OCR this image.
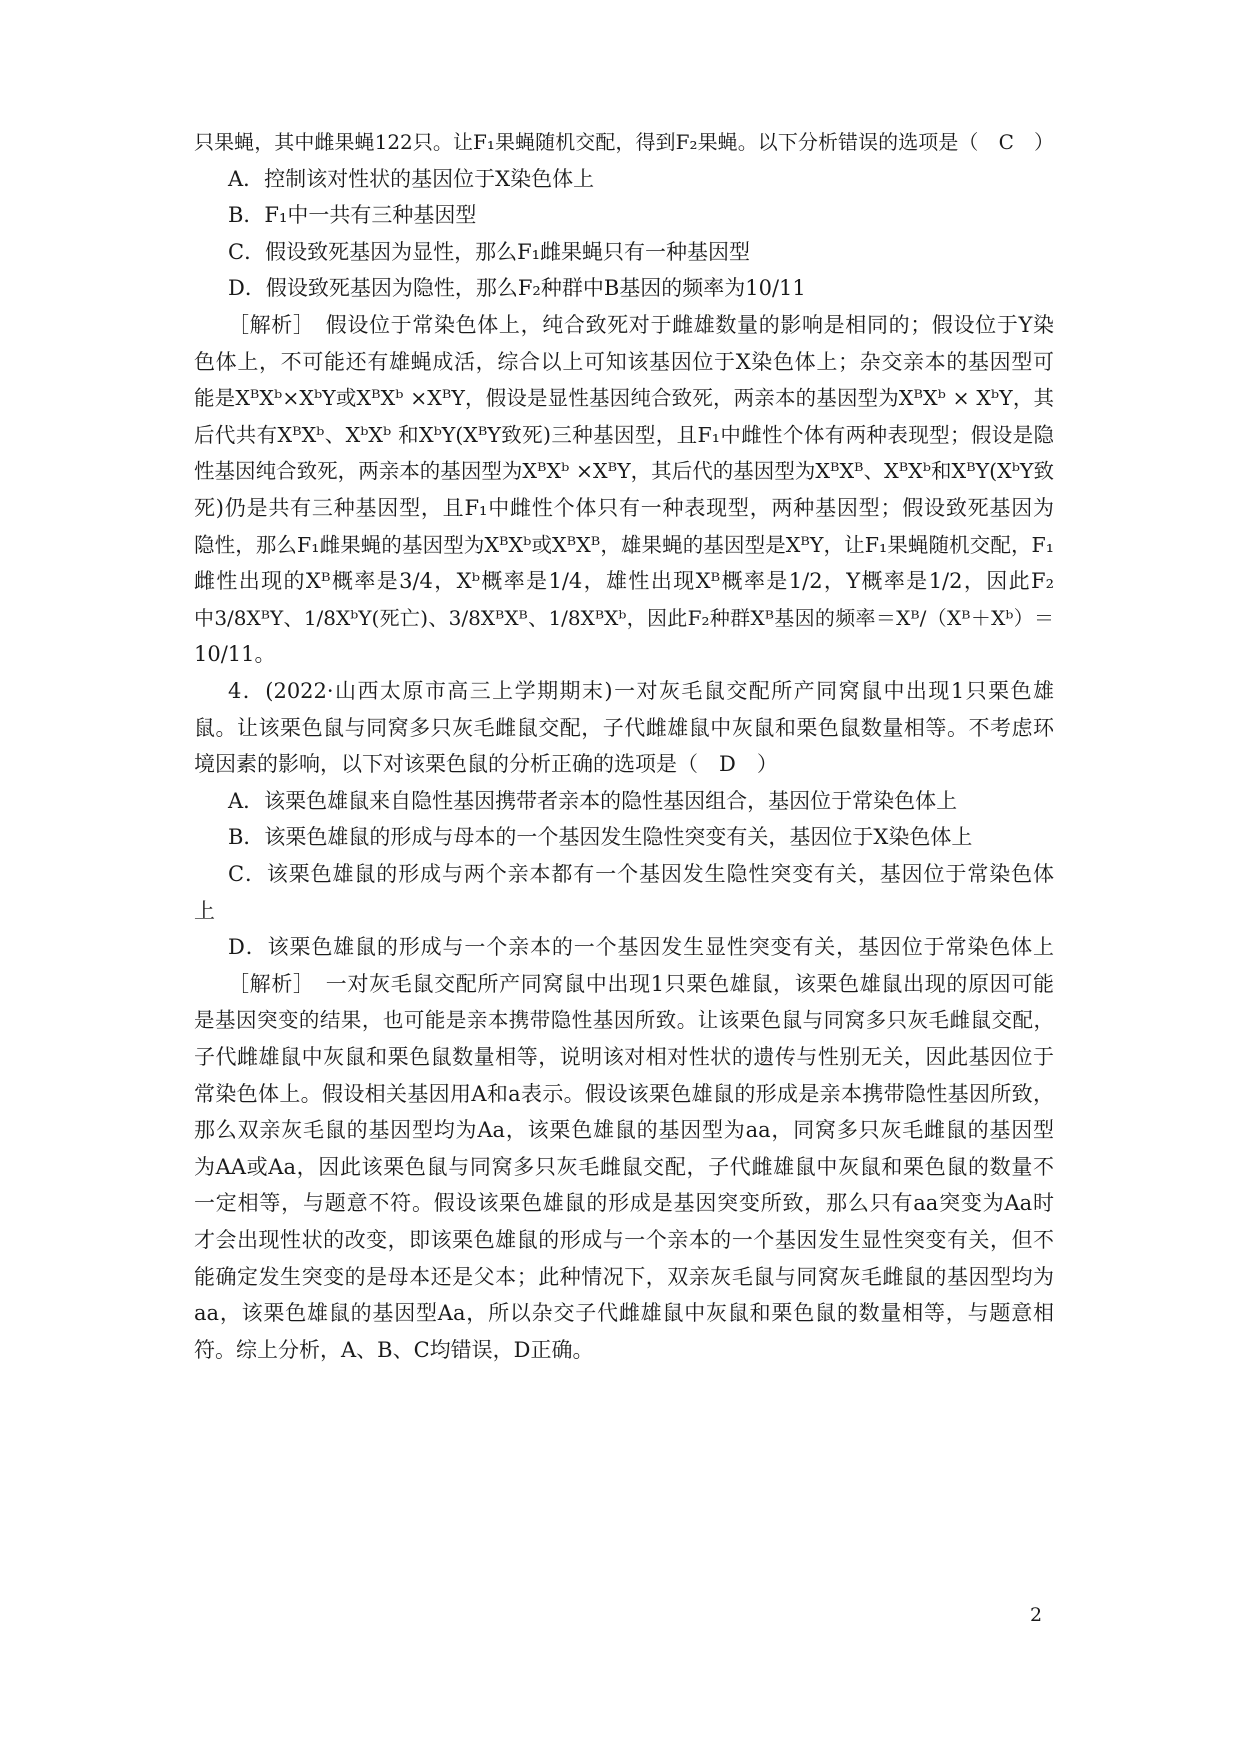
只果蝇，其中雌果蝇122只。让F₁果蝇随机交配，得到F₂果蝇。以下分析错误的选项是（　C　）
A．控制该对性状的基因位于X染色体上
B．F₁中一共有三种基因型
C．假设致死基因为显性，那么F₁雌果蝇只有一种基因型
D．假设致死基因为隐性，那么F₂种群中B基因的频率为10/11
［解析］　假设位于常染色体上，纯合致死对于雌雄数量的影响是相同的；假设位于Y染
色体上，不可能还有雄蝇成活，综合以上可知该基因位于X染色体上；杂交亲本的基因型可
能是XᴮXᵇ×XᵇY或XᴮXᵇ ×XᴮY，假设是显性基因纯合致死，两亲本的基因型为XᴮXᵇ × XᵇY，其
后代共有XᴮXᵇ、XᵇXᵇ 和XᵇY(XᴮY致死)三种基因型，且F₁中雌性个体有两种表现型；假设是隐
性基因纯合致死，两亲本的基因型为XᴮXᵇ ×XᴮY，其后代的基因型为XᴮXᴮ、XᴮXᵇ和XᴮY(XᵇY致
死)仍是共有三种基因型，且F₁中雌性个体只有一种表现型，两种基因型；假设致死基因为
隐性，那么F₁雌果蝇的基因型为XᴮXᵇ或XᴮXᴮ，雄果蝇的基因型是XᴮY，让F₁果蝇随机交配，F₁
雌性出现的Xᴮ概率是3/4，Xᵇ概率是1/4，雄性出现Xᴮ概率是1/2，Y概率是1/2，因此F₂
中3/8XᴮY、1/8XᵇY(死亡)、3/8XᴮXᴮ、1/8XᴮXᵇ，因此F₂种群Xᴮ基因的频率＝Xᴮ/（Xᴮ＋Xᵇ）＝
10/11。
4．(2022·山西太原市高三上学期期末)一对灰毛鼠交配所产同窝鼠中出现1只栗色雄
鼠。让该栗色鼠与同窝多只灰毛雌鼠交配，子代雌雄鼠中灰鼠和栗色鼠数量相等。不考虑环
境因素的影响，以下对该栗色鼠的分析正确的选项是（　D　）
A．该栗色雄鼠来自隐性基因携带者亲本的隐性基因组合，基因位于常染色体上
B．该栗色雄鼠的形成与母本的一个基因发生隐性突变有关，基因位于X染色体上
C．该栗色雄鼠的形成与两个亲本都有一个基因发生隐性突变有关，基因位于常染色体
上
D．该栗色雄鼠的形成与一个亲本的一个基因发生显性突变有关，基因位于常染色体上
［解析］　一对灰毛鼠交配所产同窝鼠中出现1只栗色雄鼠，该栗色雄鼠出现的原因可能
是基因突变的结果，也可能是亲本携带隐性基因所致。让该栗色鼠与同窝多只灰毛雌鼠交配，
子代雌雄鼠中灰鼠和栗色鼠数量相等，说明该对相对性状的遗传与性别无关，因此基因位于
常染色体上。假设相关基因用A和a表示。假设该栗色雄鼠的形成是亲本携带隐性基因所致，
那么双亲灰毛鼠的基因型均为Aa，该栗色雄鼠的基因型为aa，同窝多只灰毛雌鼠的基因型
为AA或Aa，因此该栗色鼠与同窝多只灰毛雌鼠交配，子代雌雄鼠中灰鼠和栗色鼠的数量不
一定相等，与题意不符。假设该栗色雄鼠的形成是基因突变所致，那么只有aa突变为Aa时
才会出现性状的改变，即该栗色雄鼠的形成与一个亲本的一个基因发生显性突变有关，但不
能确定发生突变的是母本还是父本；此种情况下，双亲灰毛鼠与同窝灰毛雌鼠的基因型均为
aa，该栗色雄鼠的基因型Aa，所以杂交子代雌雄鼠中灰鼠和栗色鼠的数量相等，与题意相
符。综上分析，A、B、C均错误，D正确。
2
